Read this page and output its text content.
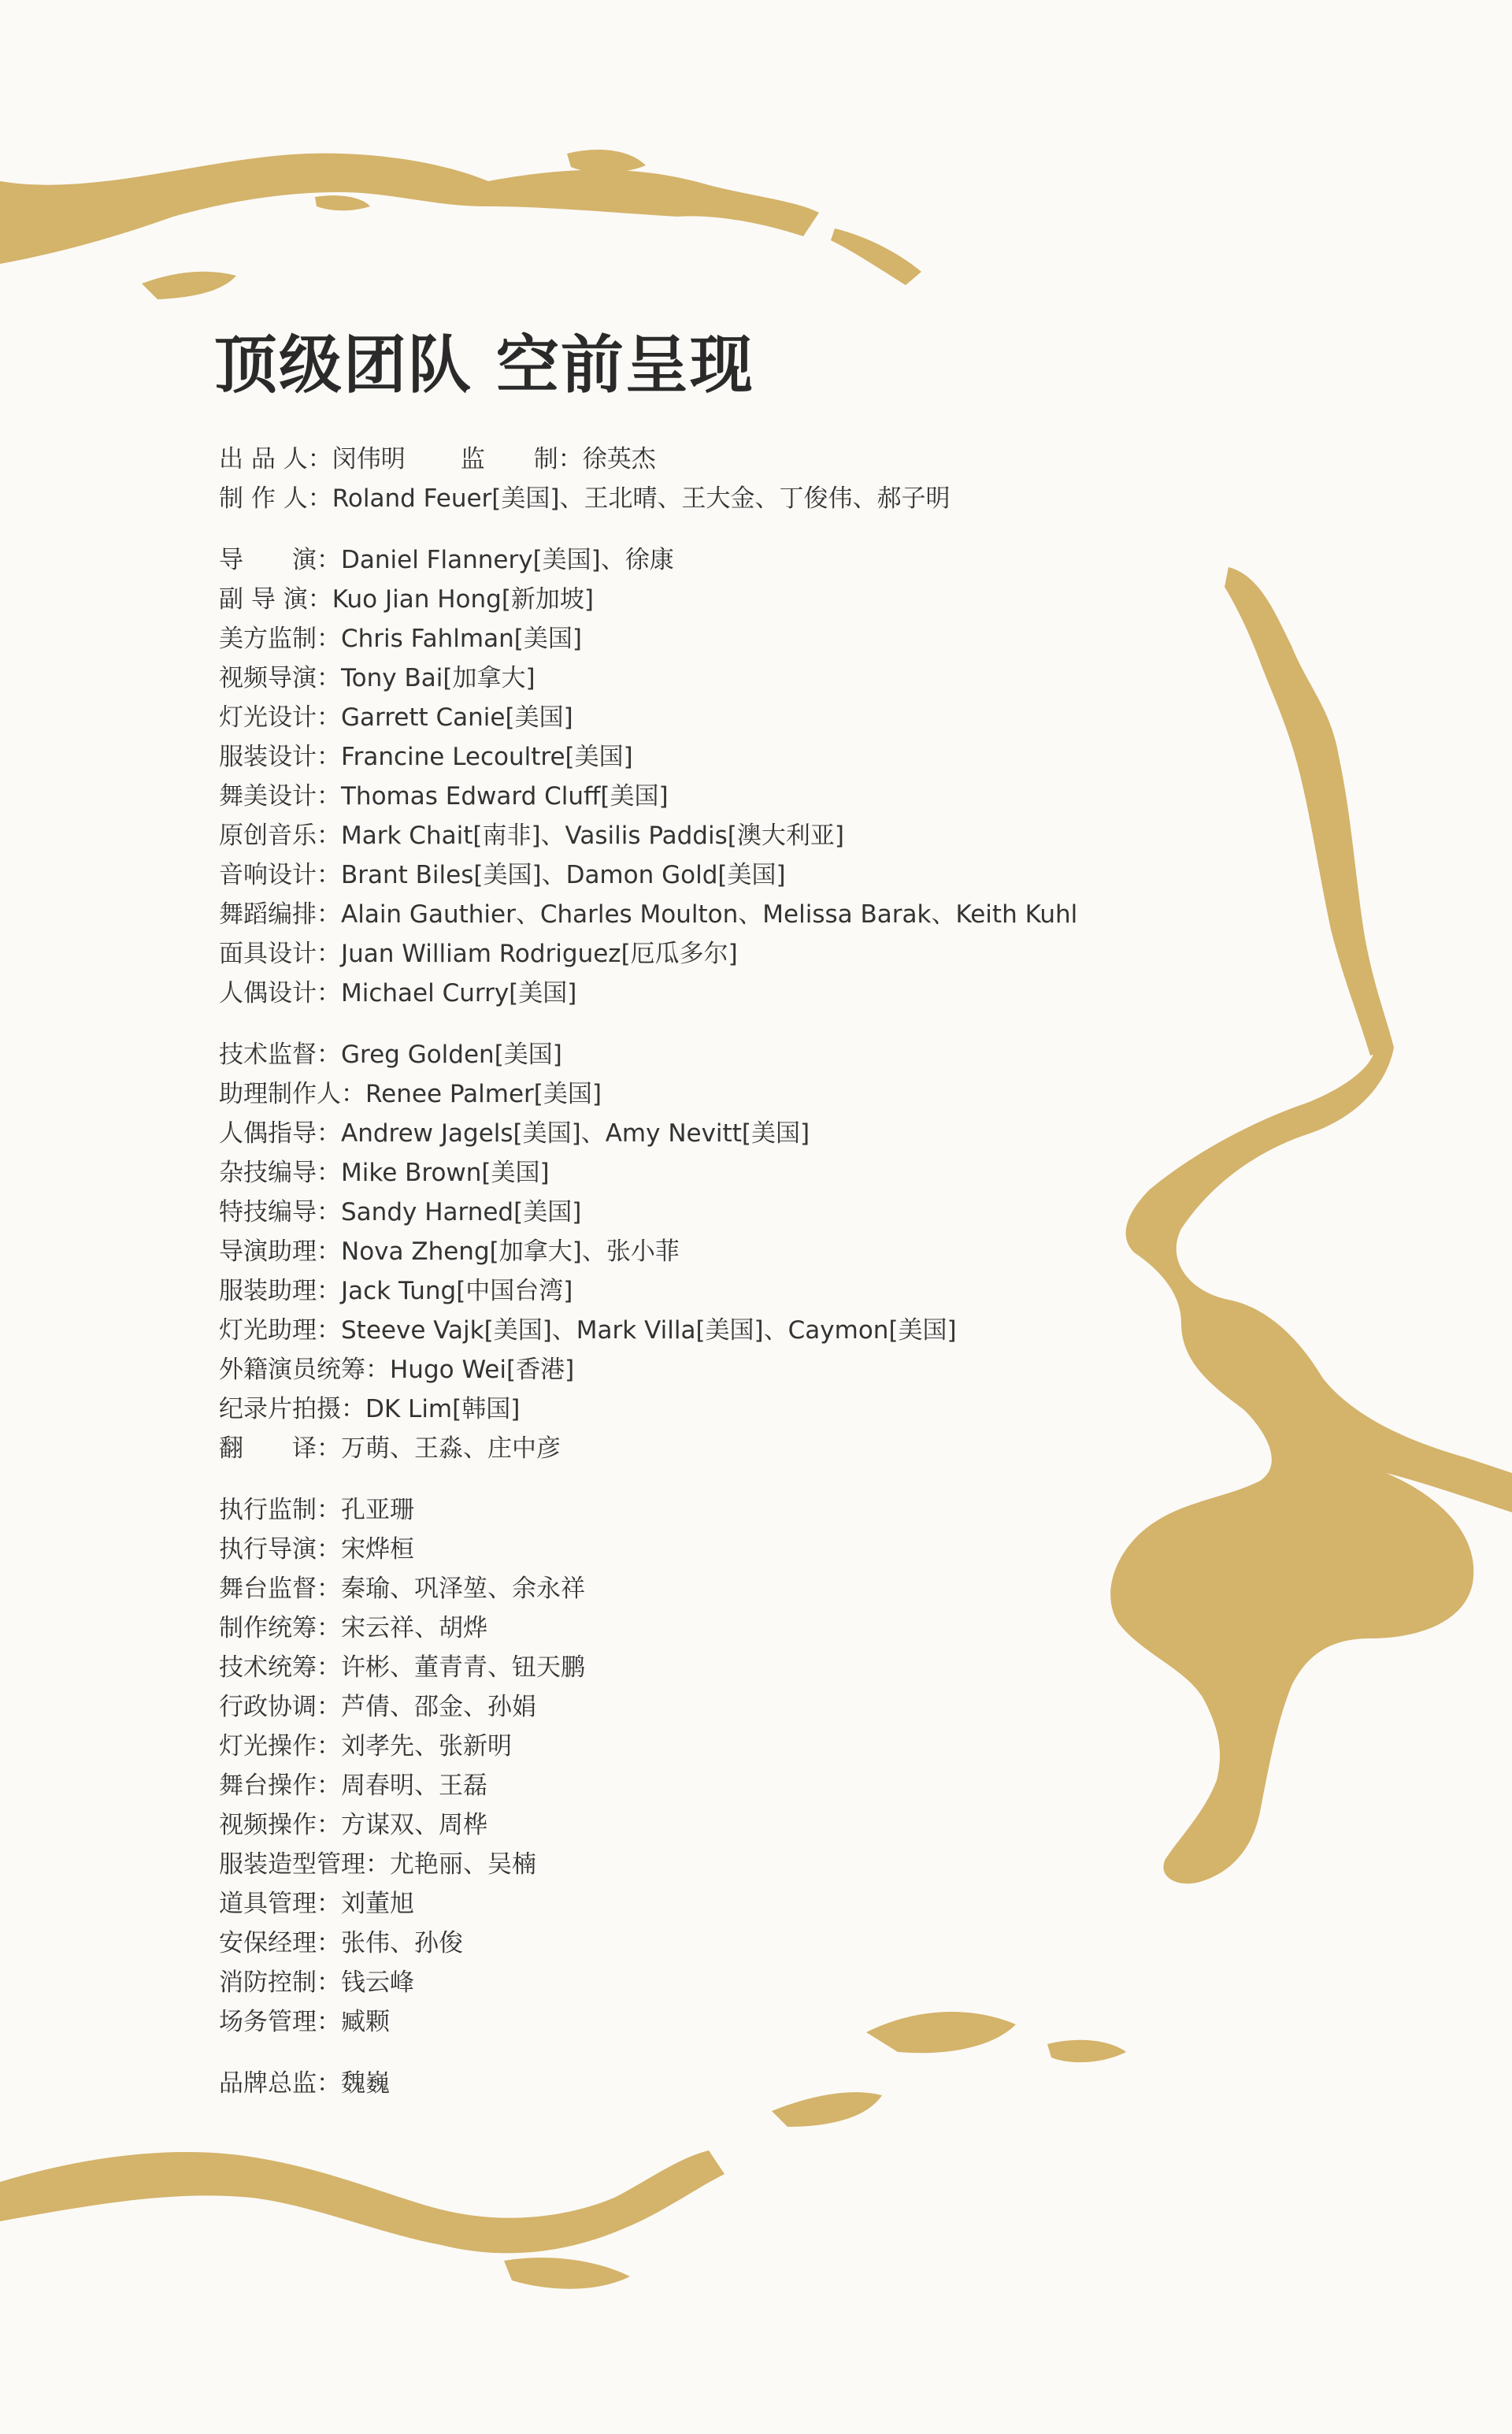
顶级团队 空前呈现
出 品 人：闵伟明 监　　制：徐英杰
制 作 人：Roland Feuer[美国]、王北晴、王大金、丁俊伟、郝子明
导　　演：Daniel Flannery[美国]、徐康
副 导 演：Kuo Jian Hong[新加坡]
美方监制：Chris Fahlman[美国]
视频导演：Tony Bai[加拿大]
灯光设计：Garrett Canie[美国]
服装设计：Francine Lecoultre[美国]
舞美设计：Thomas Edward Cluff[美国]
原创音乐：Mark Chait[南非]、Vasilis Paddis[澳大利亚]
音响设计：Brant Biles[美国]、Damon Gold[美国]
舞蹈编排：Alain Gauthier、Charles Moulton、Melissa Barak、Keith Kuhl
面具设计：Juan William Rodriguez[厄瓜多尔]
人偶设计：Michael Curry[美国]
技术监督：Greg Golden[美国]
助理制作人：Renee Palmer[美国]
人偶指导：Andrew Jagels[美国]、Amy Nevitt[美国]
杂技编导：Mike Brown[美国]
特技编导：Sandy Harned[美国]
导演助理：Nova Zheng[加拿大]、张小菲
服装助理：Jack Tung[中国台湾]
灯光助理：Steeve Vajk[美国]、Mark Villa[美国]、Caymon[美国]
外籍演员统筹：Hugo Wei[香港]
纪录片拍摄：DK Lim[韩国]
翻　　译：万萌、王淼、庄中彦
执行监制：孔亚珊
执行导演：宋烨桓
舞台监督：秦瑜、巩泽堃、余永祥
制作统筹：宋云祥、胡烨
技术统筹：许彬、董青青、钮天鹏
行政协调：芦倩、邵金、孙娟
灯光操作：刘孝先、张新明
舞台操作：周春明、王磊
视频操作：方谋双、周桦
服装造型管理：尤艳丽、吴楠
道具管理：刘董旭
安保经理：张伟、孙俊
消防控制：钱云峰
场务管理：臧颗
品牌总监：魏巍
